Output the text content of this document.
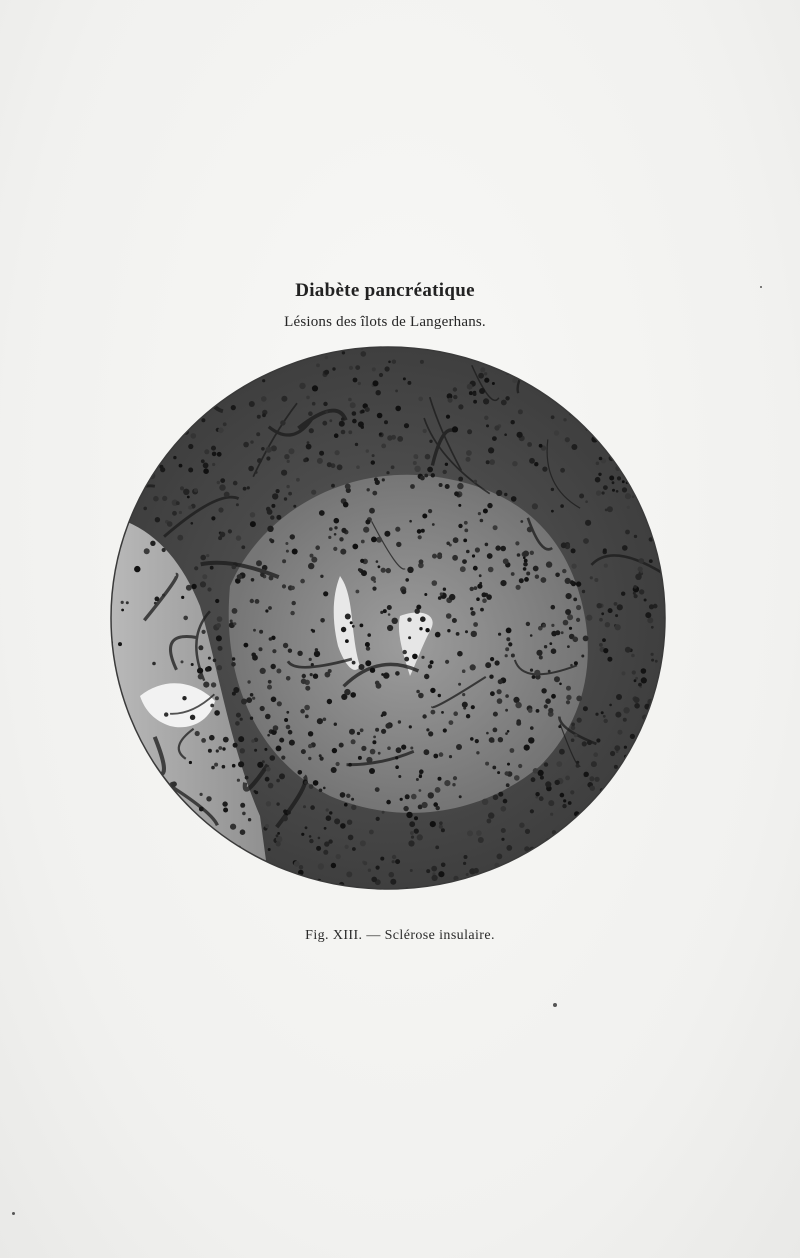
Diabète pancréatique
Lésions des îlots de Langerhans.
Fig. XIII. — Sclérose insulaire.
